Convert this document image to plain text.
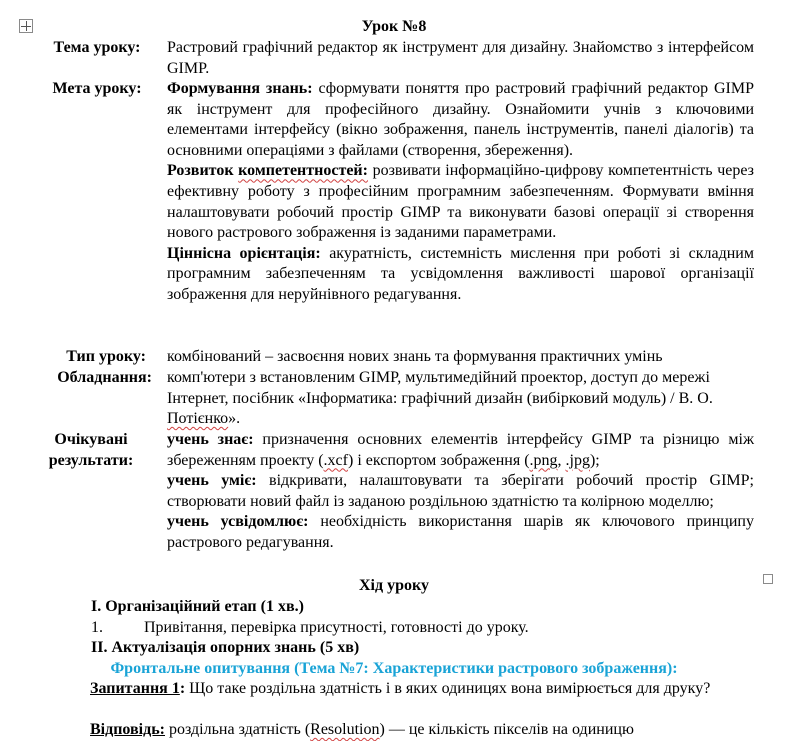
Урок №8
Тема уроку:	Растровий графічний редактор як інструмент для дизайну. Знайомство з інтерфейсом GIMP.
Мета уроку:	Формування знань: сформувати поняття про растровий графічний редактор GIMP як інструмент для професійного дизайну. Ознайомити учнів з ключовими елементами інтерфейсу (вікно зображення, панель інструментів, панелі діалогів) та основними операціями з файлами (створення, збереження).

Розвиток компетентностей: розвивати інформаційно-цифрову компетентність через ефективну роботу з професійним програмним забезпеченням. Формувати вміння налаштовувати робочий простір GIMP та виконувати базові операції зі створення нового растрового зображення із заданими параметрами.

Ціннісна орієнтація: акуратність, системність мислення при роботі зі складним програмним забезпеченням та усвідомлення важливості шарової організації зображення для неруйнівного редагування.

Тип уроку: комбінований – засвоєння нових знань та формування практичних умінь
Обладнання: комп'ютери з встановленим GIMP, мультимедійний проектор, доступ до мережі Інтернет, посібник «Інформатика: графічний дизайн (вибірковий модуль) / В. О. Потієнко».
Очікувані
результати:

учень знає: призначення основних елементів інтерфейсу GIMP та різницю між збереженням проекту (.xcf) і експортом зображення (.png, .jpg);

учень уміє: відкривати, налаштовувати та зберігати робочий простір GIMP; створювати новий файл із заданою роздільною здатністю та колірною моделлю;

учень усвідомлює: необхідність використання шарів як ключового принципу растрового редагування.

Хід уроку
I. Організаційний етап (1 хв.)
1.	Привітання, перевірка присутності, готовності до уроку.
II. Актуалізація опорних знань (5 хв)
Фронтальне опитування (Тема №7: Характеристики растрового зображення):
Запитання 1: Що таке роздільна здатність і в яких одиницях вона вимірюється для друку?
Відповідь: роздільна здатність (Resolution) — це кількість пікселів на одиницю
